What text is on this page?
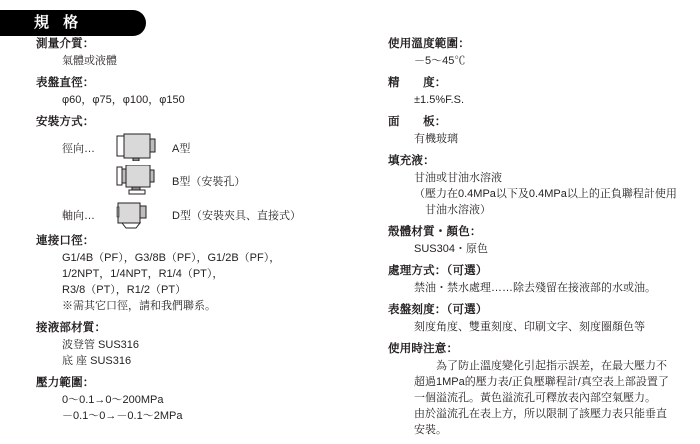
規 格
測量介質：
氣體或液體
表盤直徑：
φ60，φ75，φ100，φ150
安裝方式：
徑向…	A型
B型（安裝孔）
軸向…	D型（安裝夾具、直接式）
連接口徑：
G1/4B（PF），G3/8B（PF），G1/2B（PF），
1/2NPT，1/4NPT，R1/4（PT），
R3/8（PT），R1/2（PT）
※需其它口徑，請和我們聯系。
接液部材質：
波登管 SUS316
底 座 SUS316
壓力範圍：
0～0.1→0～200MPa
－0.1～0→－0.1～2MPa
使用溫度範圍：
－5～45℃
精　　度：
±1.5%F.S.
面　　板：
有機玻璃
填充液：
甘油或甘油水溶液
（壓力在0.4MPa以下及0.4MPa以上的正負聯程計使用
　甘油水溶液）
殼體材質・顏色：
SUS304・原色
處理方式：（可選）
禁油・禁水處理……除去殘留在接液部的水或油。
表盤刻度：（可選）
刻度角度、雙重刻度、印刷文字、刻度圈顏色等
使用時注意：
為了防止溫度變化引起指示誤差，在最大壓力不
超過1MPa的壓力表/正負壓聯程計/真空表上部設置了
一個溢流孔。黃色溢流孔可釋放表內部空氣壓力。
由於溢流孔在表上方，所以限制了該壓力表只能垂直
安裝。
